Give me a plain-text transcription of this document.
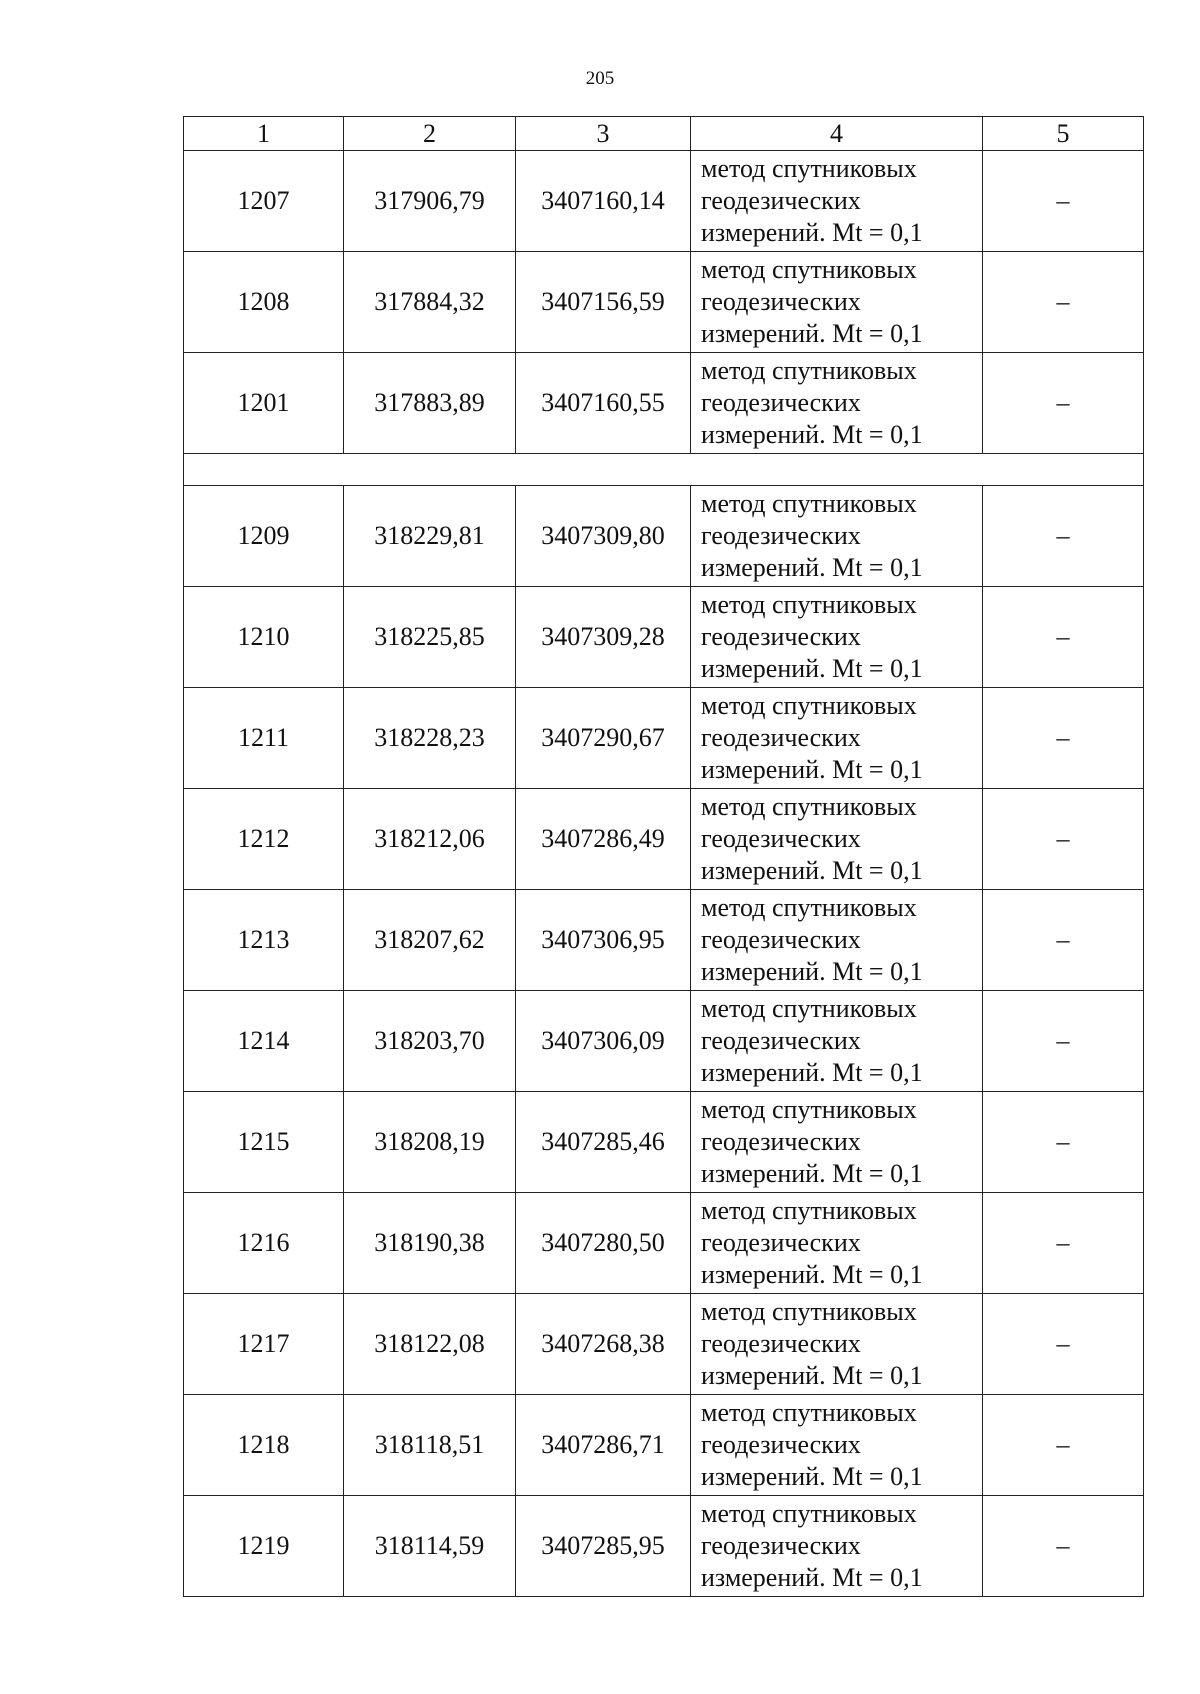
205
1	2	3	4	5
1207	317906,79	3407160,14	метод спутниковых
геодезических
измерений. Mt = 0,1	–
1208	317884,32	3407156,59	метод спутниковых
геодезических
измерений. Mt = 0,1	–
1201	317883,89	3407160,55	метод спутниковых
геодезических
измерений. Mt = 0,1	–

1209	318229,81	3407309,80	метод спутниковых
геодезических
измерений. Mt = 0,1	–
1210	318225,85	3407309,28	метод спутниковых
геодезических
измерений. Mt = 0,1	–
1211	318228,23	3407290,67	метод спутниковых
геодезических
измерений. Mt = 0,1	–
1212	318212,06	3407286,49	метод спутниковых
геодезических
измерений. Mt = 0,1	–
1213	318207,62	3407306,95	метод спутниковых
геодезических
измерений. Mt = 0,1	–
1214	318203,70	3407306,09	метод спутниковых
геодезических
измерений. Mt = 0,1	–
1215	318208,19	3407285,46	метод спутниковых
геодезических
измерений. Mt = 0,1	–
1216	318190,38	3407280,50	метод спутниковых
геодезических
измерений. Mt = 0,1	–
1217	318122,08	3407268,38	метод спутниковых
геодезических
измерений. Mt = 0,1	–
1218	318118,51	3407286,71	метод спутниковых
геодезических
измерений. Mt = 0,1	–
1219	318114,59	3407285,95	метод спутниковых
геодезических
измерений. Mt = 0,1	–
